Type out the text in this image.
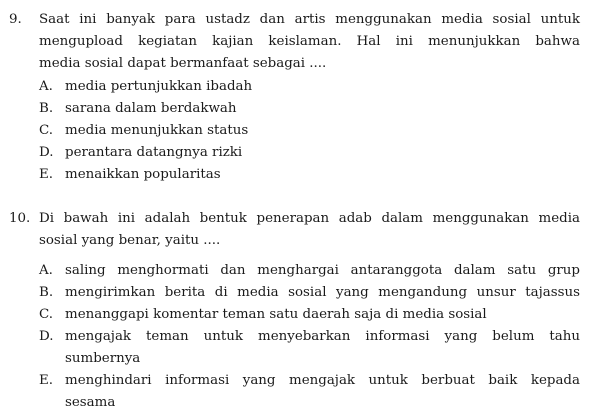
9. Saat ini banyak para ustadz dan artis menggunakan media sosial untuk
mengupload kegiatan kajian keislaman. Hal ini menunjukkan bahwa
media sosial dapat bermanfaat sebagai ....
A. media pertunjukkan ibadah
B. sarana dalam berdakwah
C. media menunjukkan status
D. perantara datangnya rizki
E. menaikkan popularitas
10. Di bawah ini adalah bentuk penerapan adab dalam menggunakan media
sosial yang benar, yaitu ....
A. saling menghormati dan menghargai antaranggota dalam satu grup
B. mengirimkan berita di media sosial yang mengandung unsur tajassus
C. menanggapi komentar teman satu daerah saja di media sosial
D. mengajak teman untuk menyebarkan informasi yang belum tahu
sumbernya
E. menghindari informasi yang mengajak untuk berbuat baik kepada
sesama
